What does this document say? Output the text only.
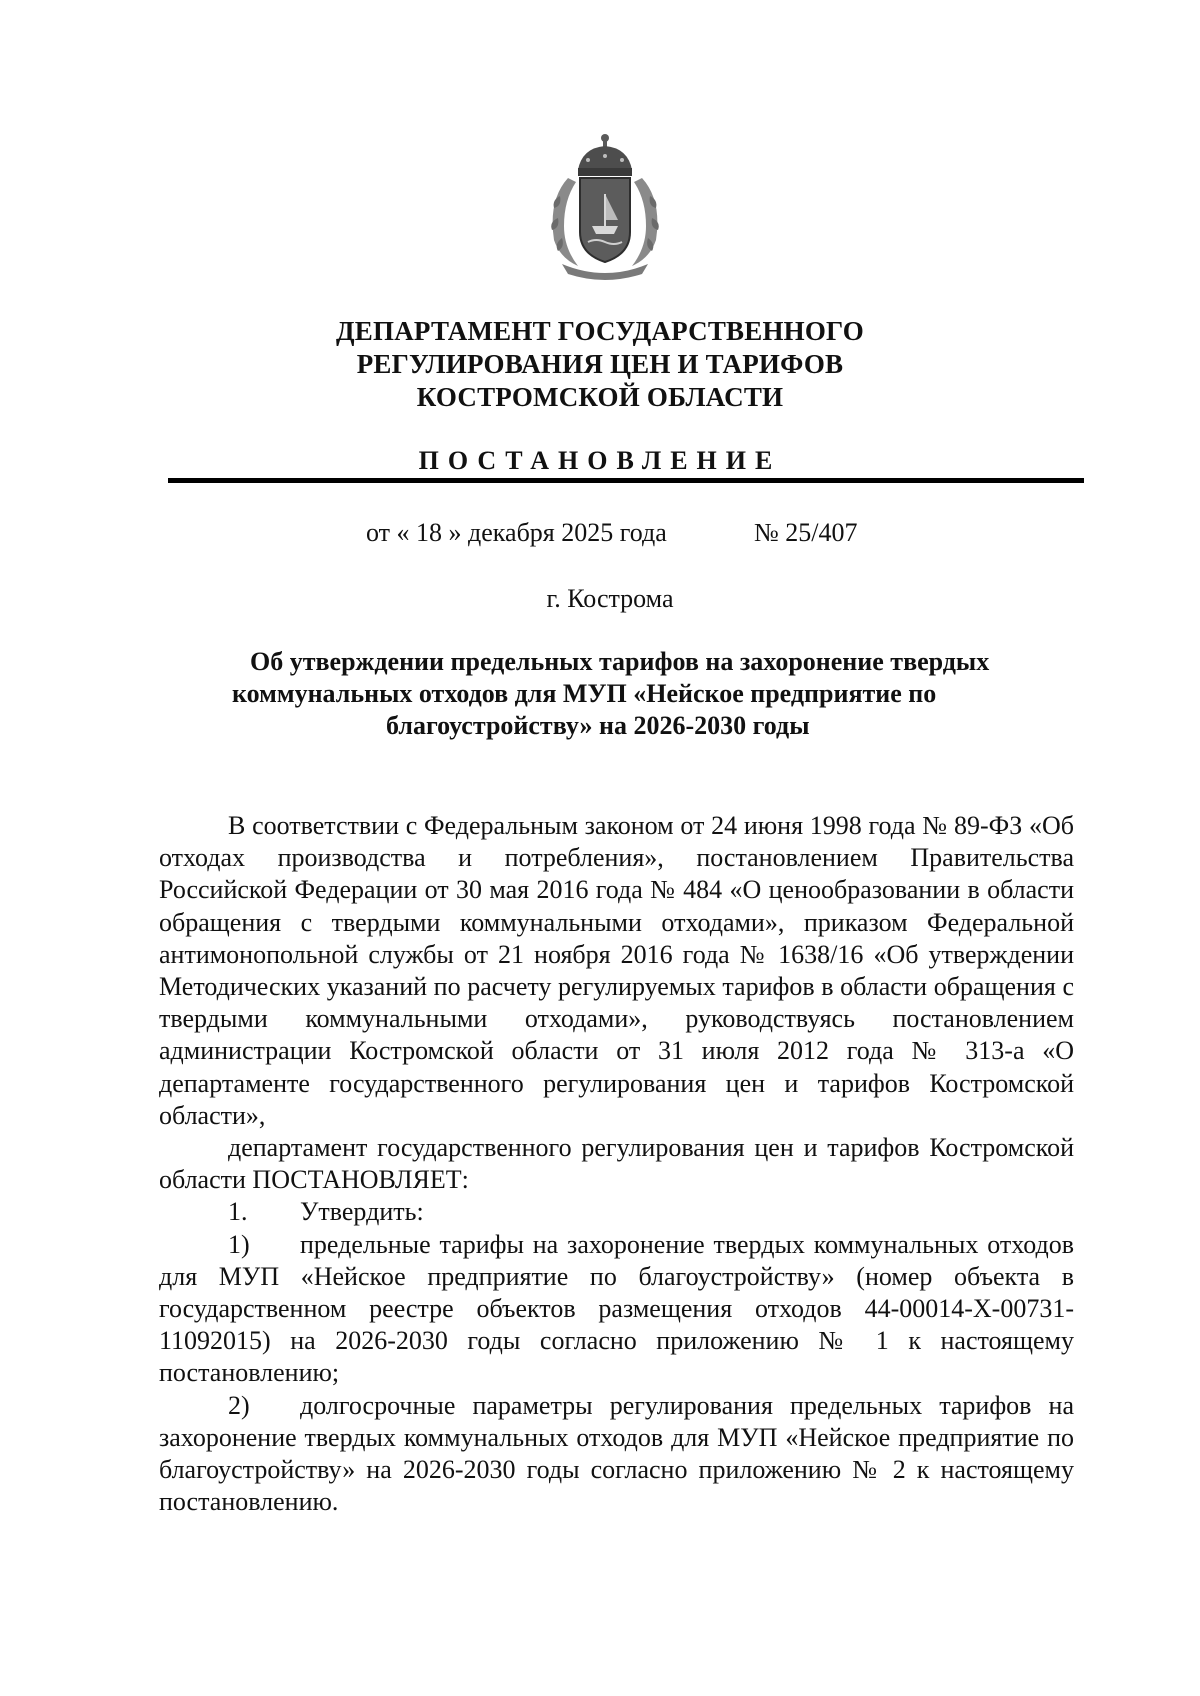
ДЕПАРТАМЕНТ ГОСУДАРСТВЕННОГО
РЕГУЛИРОВАНИЯ ЦЕН И ТАРИФОВ
КОСТРОМСКОЙ ОБЛАСТИ
ПОСТАНОВЛЕНИЕ
от « 18 » декабря 2025 года	№ 25/407
г. Кострома
Об утверждении предельных тарифов на захоронение твердых
коммунальных отходов для МУП «Нейское предприятие по
благоустройству» на 2026-2030 годы

В соответствии с Федеральным законом от 24 июня 1998 года № 89-ФЗ «Об отходах производства и потребления», постановлением Правительства Российской Федерации от 30 мая 2016 года № 484 «О ценообразовании в области обращения с твердыми коммунальными отходами», приказом Федеральной антимонопольной службы от 21 ноября 2016 года № 1638/16 «Об утверждении Методических указаний по расчету регулируемых тарифов в области обращения с твердыми коммунальными отходами», руководствуясь постановлением администрации Костромской области от 31 июля 2012 года № 313-а «О департаменте государственного регулирования цен и тарифов Костромской области»,

департамент государственного регулирования цен и тарифов Костромской области ПОСТАНОВЛЯЕТ:

1. Утвердить:

1) предельные тарифы на захоронение твердых коммунальных отходов для МУП «Нейское предприятие по благоустройству» (номер объекта в государственном реестре объектов размещения отходов 44-00014-Х-00731-11092015) на 2026-2030 годы согласно приложению № 1 к настоящему постановлению;

2) долгосрочные параметры регулирования предельных тарифов на захоронение твердых коммунальных отходов для МУП «Нейское предприятие по благоустройству» на 2026-2030 годы согласно приложению № 2 к настоящему постановлению.
